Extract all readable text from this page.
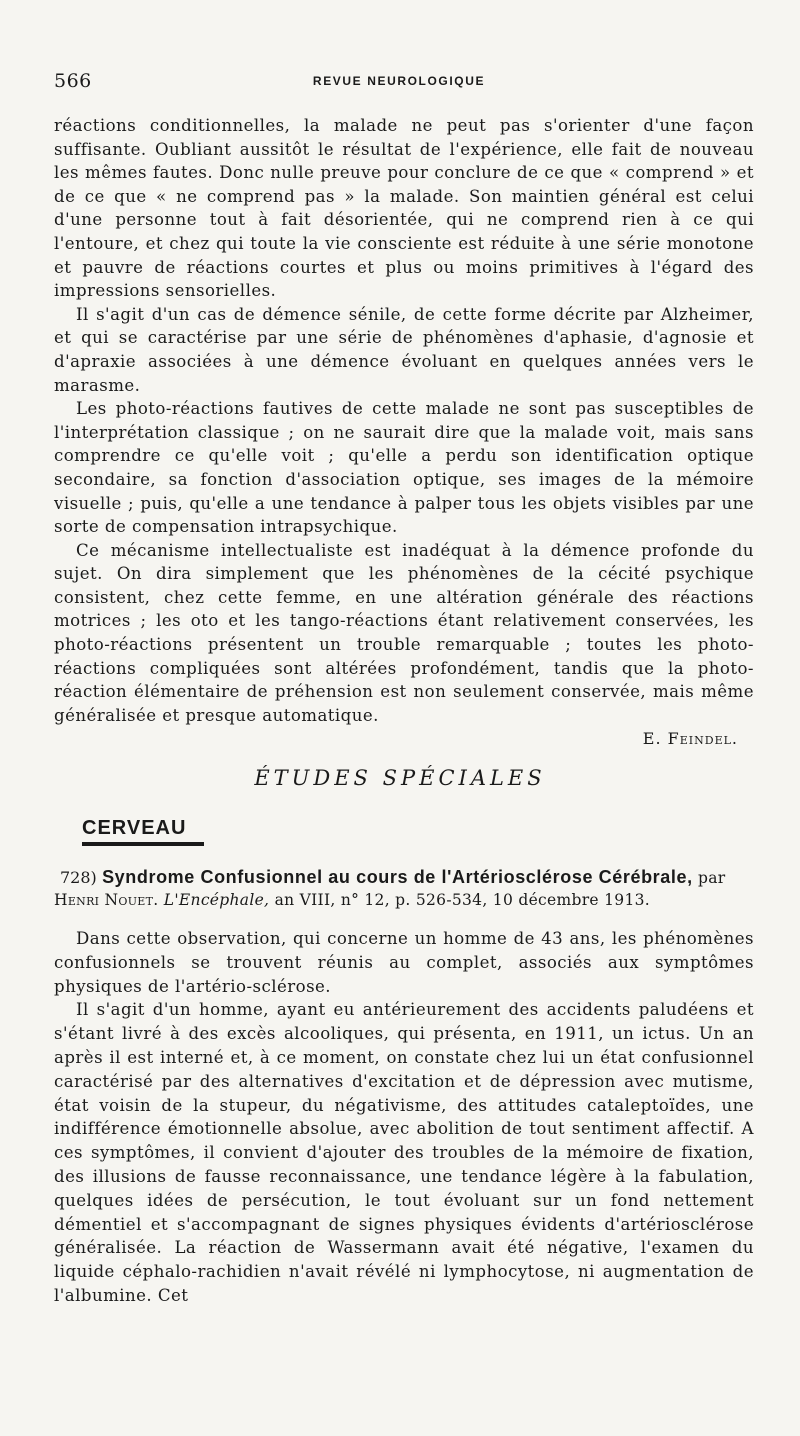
566	REVUE NEUROLOGIQUE

réactions conditionnelles, la malade ne peut pas s'orienter d'une façon suffisante. Oubliant aussitôt le résultat de l'expérience, elle fait de nouveau les mêmes fautes. Donc nulle preuve pour conclure de ce que « comprend » et de ce que « ne comprend pas » la malade. Son maintien général est celui d'une personne tout à fait désorientée, qui ne comprend rien à ce qui l'entoure, et chez qui toute la vie consciente est réduite à une série monotone et pauvre de réactions courtes et plus ou moins primitives à l'égard des impressions sensorielles.

Il s'agit d'un cas de démence sénile, de cette forme décrite par Alzheimer, et qui se caractérise par une série de phénomènes d'aphasie, d'agnosie et d'apraxie associées à une démence évoluant en quelques années vers le marasme.

Les photo-réactions fautives de cette malade ne sont pas susceptibles de l'interprétation classique ; on ne saurait dire que la malade voit, mais sans comprendre ce qu'elle voit ; qu'elle a perdu son identification optique secondaire, sa fonction d'association optique, ses images de la mémoire visuelle ; puis, qu'elle a une tendance à palper tous les objets visibles par une sorte de compensation intrapsychique.

Ce mécanisme intellectualiste est inadéquat à la démence profonde du sujet. On dira simplement que les phénomènes de la cécité psychique consistent, chez cette femme, en une altération générale des réactions motrices ; les oto et les tango-réactions étant relativement conservées, les photo-réactions présentent un trouble remarquable ; toutes les photo-réactions compliquées sont altérées profondément, tandis que la photo-réaction élémentaire de préhension est non seulement conservée, mais même généralisée et presque automatique.

E. Feindel.

ÉTUDES SPÉCIALES
CERVEAU

728) Syndrome Confusionnel au cours de l'Artériosclérose Cérébrale, par Henri Nouet. L'Encéphale, an VIII, n° 12, p. 526-534, 10 décembre 1913.

Dans cette observation, qui concerne un homme de 43 ans, les phénomènes confusionnels se trouvent réunis au complet, associés aux symptômes physiques de l'artério-sclérose.

Il s'agit d'un homme, ayant eu antérieurement des accidents paludéens et s'étant livré à des excès alcooliques, qui présenta, en 1911, un ictus. Un an après il est interné et, à ce moment, on constate chez lui un état confusionnel caractérisé par des alternatives d'excitation et de dépression avec mutisme, état voisin de la stupeur, du négativisme, des attitudes cataleptoïdes, une indifférence émotionnelle absolue, avec abolition de tout sentiment affectif. A ces symptômes, il convient d'ajouter des troubles de la mémoire de fixation, des illusions de fausse reconnaissance, une tendance légère à la fabulation, quelques idées de persécution, le tout évoluant sur un fond nettement démentiel et s'accompagnant de signes physiques évidents d'artériosclérose généralisée. La réaction de Wassermann avait été négative, l'examen du liquide céphalo-rachidien n'avait révélé ni lymphocytose, ni augmentation de l'albumine. Cet
